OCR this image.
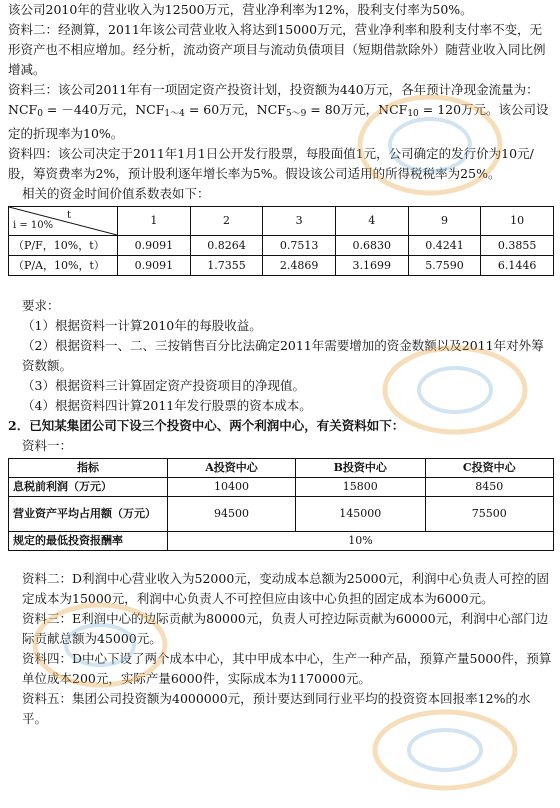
该公司2010年的营业收入为12500万元，营业净利率为12%，股利支付率为50%。

资料二：经测算，2011年该公司营业收入将达到15000万元，营业净利率和股利支付率不变，无形资产也不相应增加。经分析，流动资产项目与流动负债项目（短期借款除外）随营业收入同比例增减。

资料三：该公司2011年有一项固定资产投资计划，投资额为440万元，各年预计净现金流量为：$NCF_0 = -440$万元，$NCF_{1\sim 4} = 60$万元，$NCF_{5\sim 9} = 80$万元，$NCF_{10} = 120$万元。该公司设定的折现率为10%。

资料四：该公司决定于2011年1月1日公开发行股票，每股面值1元，公司确定的发行价为10元/股，筹资费率为2%，预计股利逐年增长率为5%。假设该公司适用的所得税税率为25%。

相关的资金时间价值系数表如下：

t
i = 10%	1	2	3	4	9	10
（P/F，10%，t）	0.9091	0.8264	0.7513	0.6830	0.4241	0.3855
（P/A，10%，t）	0.9091	1.7355	2.4869	3.1699	5.7590	6.1446

要求：

（1）根据资料一计算2010年的每股收益。

（2）根据资料一、二、三按销售百分比法确定2011年需要增加的资金数额以及2011年对外筹资数额。

（3）根据资料三计算固定资产投资项目的净现值。

（4）根据资料四计算2011年发行股票的资本成本。

2．已知某集团公司下设三个投资中心、两个利润中心，有关资料如下：

资料一：

指标	A投资中心	B投资中心	C投资中心
息税前利润（万元）	10400	15800	8450
营业资产平均占用额（万元）	94500	145000	75500
规定的最低投资报酬率	10%		

资料二：D利润中心营业收入为52000元，变动成本总额为25000元，利润中心负责人可控的固定成本为15000元，利润中心负责人不可控但应由该中心负担的固定成本为6000元。

资料三：E利润中心的边际贡献为80000元，负责人可控边际贡献为60000元，利润中心部门边际贡献总额为45000元。

资料四：D中心下设了两个成本中心，其中甲成本中心，生产一种产品，预算产量5000件，预算单位成本200元，实际产量6000件，实际成本为1170000元。

资料五：集团公司投资额为4000000元，预计要达到同行业平均的投资资本回报率12%的水平。
